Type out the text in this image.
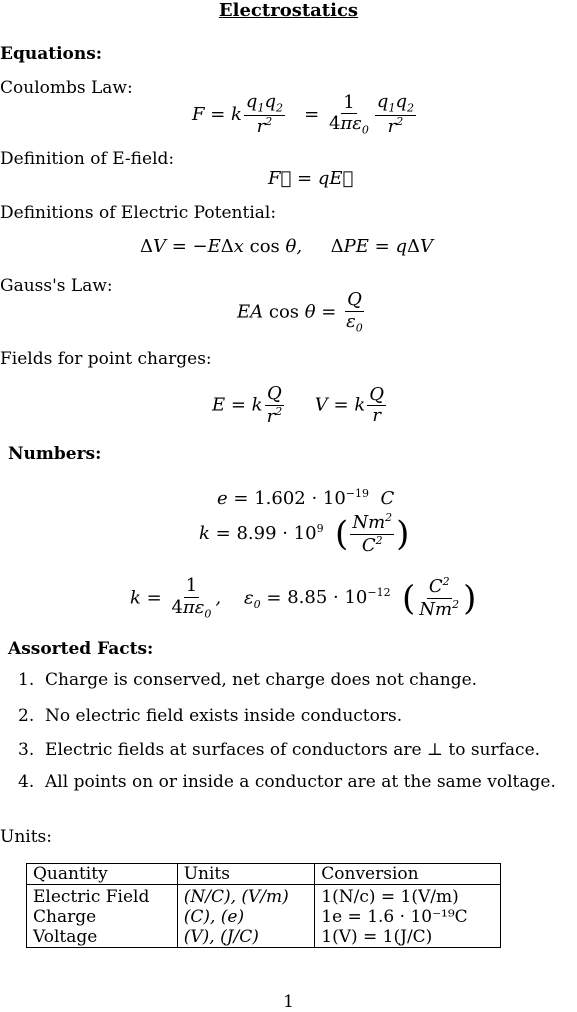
Electrostatics
Equations:
Coulombs Law:
F = k $\frac{q_1q_2}{r^2} = \frac{1}{4\pi\varepsilon_0} \frac{q_1q_2}{r^2}$
Definition of E-field:
F⃗ = qE⃗
Definitions of Electric Potential:
ΔV = −EΔx cos θ,     ΔPE = qΔV
Gauss's Law:
EA $\cos \theta = \frac{Q}{\varepsilon_0}$
Fields for point charges:
E = k $\frac{Q}{r^2}$ V = k $\frac{Q}{r}$
Numbers:
$e = 1.602 \cdot 10^{-19}$  C
$k = 8.99 \cdot 10^9$ ( $\frac{Nm^2}{C^2}$ )
$k = \frac{1}{4\pi\varepsilon_0}$ ,    $\varepsilon_0 = 8.85 \cdot 10^{-12}$ ( $\frac{C^2}{Nm^2}$ )
Assorted Facts:
1.  Charge is conserved, net charge does not change.
2.  No electric field exists inside conductors.
3.  Electric fields at surfaces of conductors are ⊥ to surface.
4.  All points on or inside a conductor are at the same voltage.
Units:
Quantity	Units	Conversion
Electric Field	(N/C), (V/m)	1(N/c) = 1(V/m)
Charge	(C), (e)	1e = 1.6 · 10⁻¹⁹C
Voltage	(V), (J/C)	1(V) = 1(J/C)
1
